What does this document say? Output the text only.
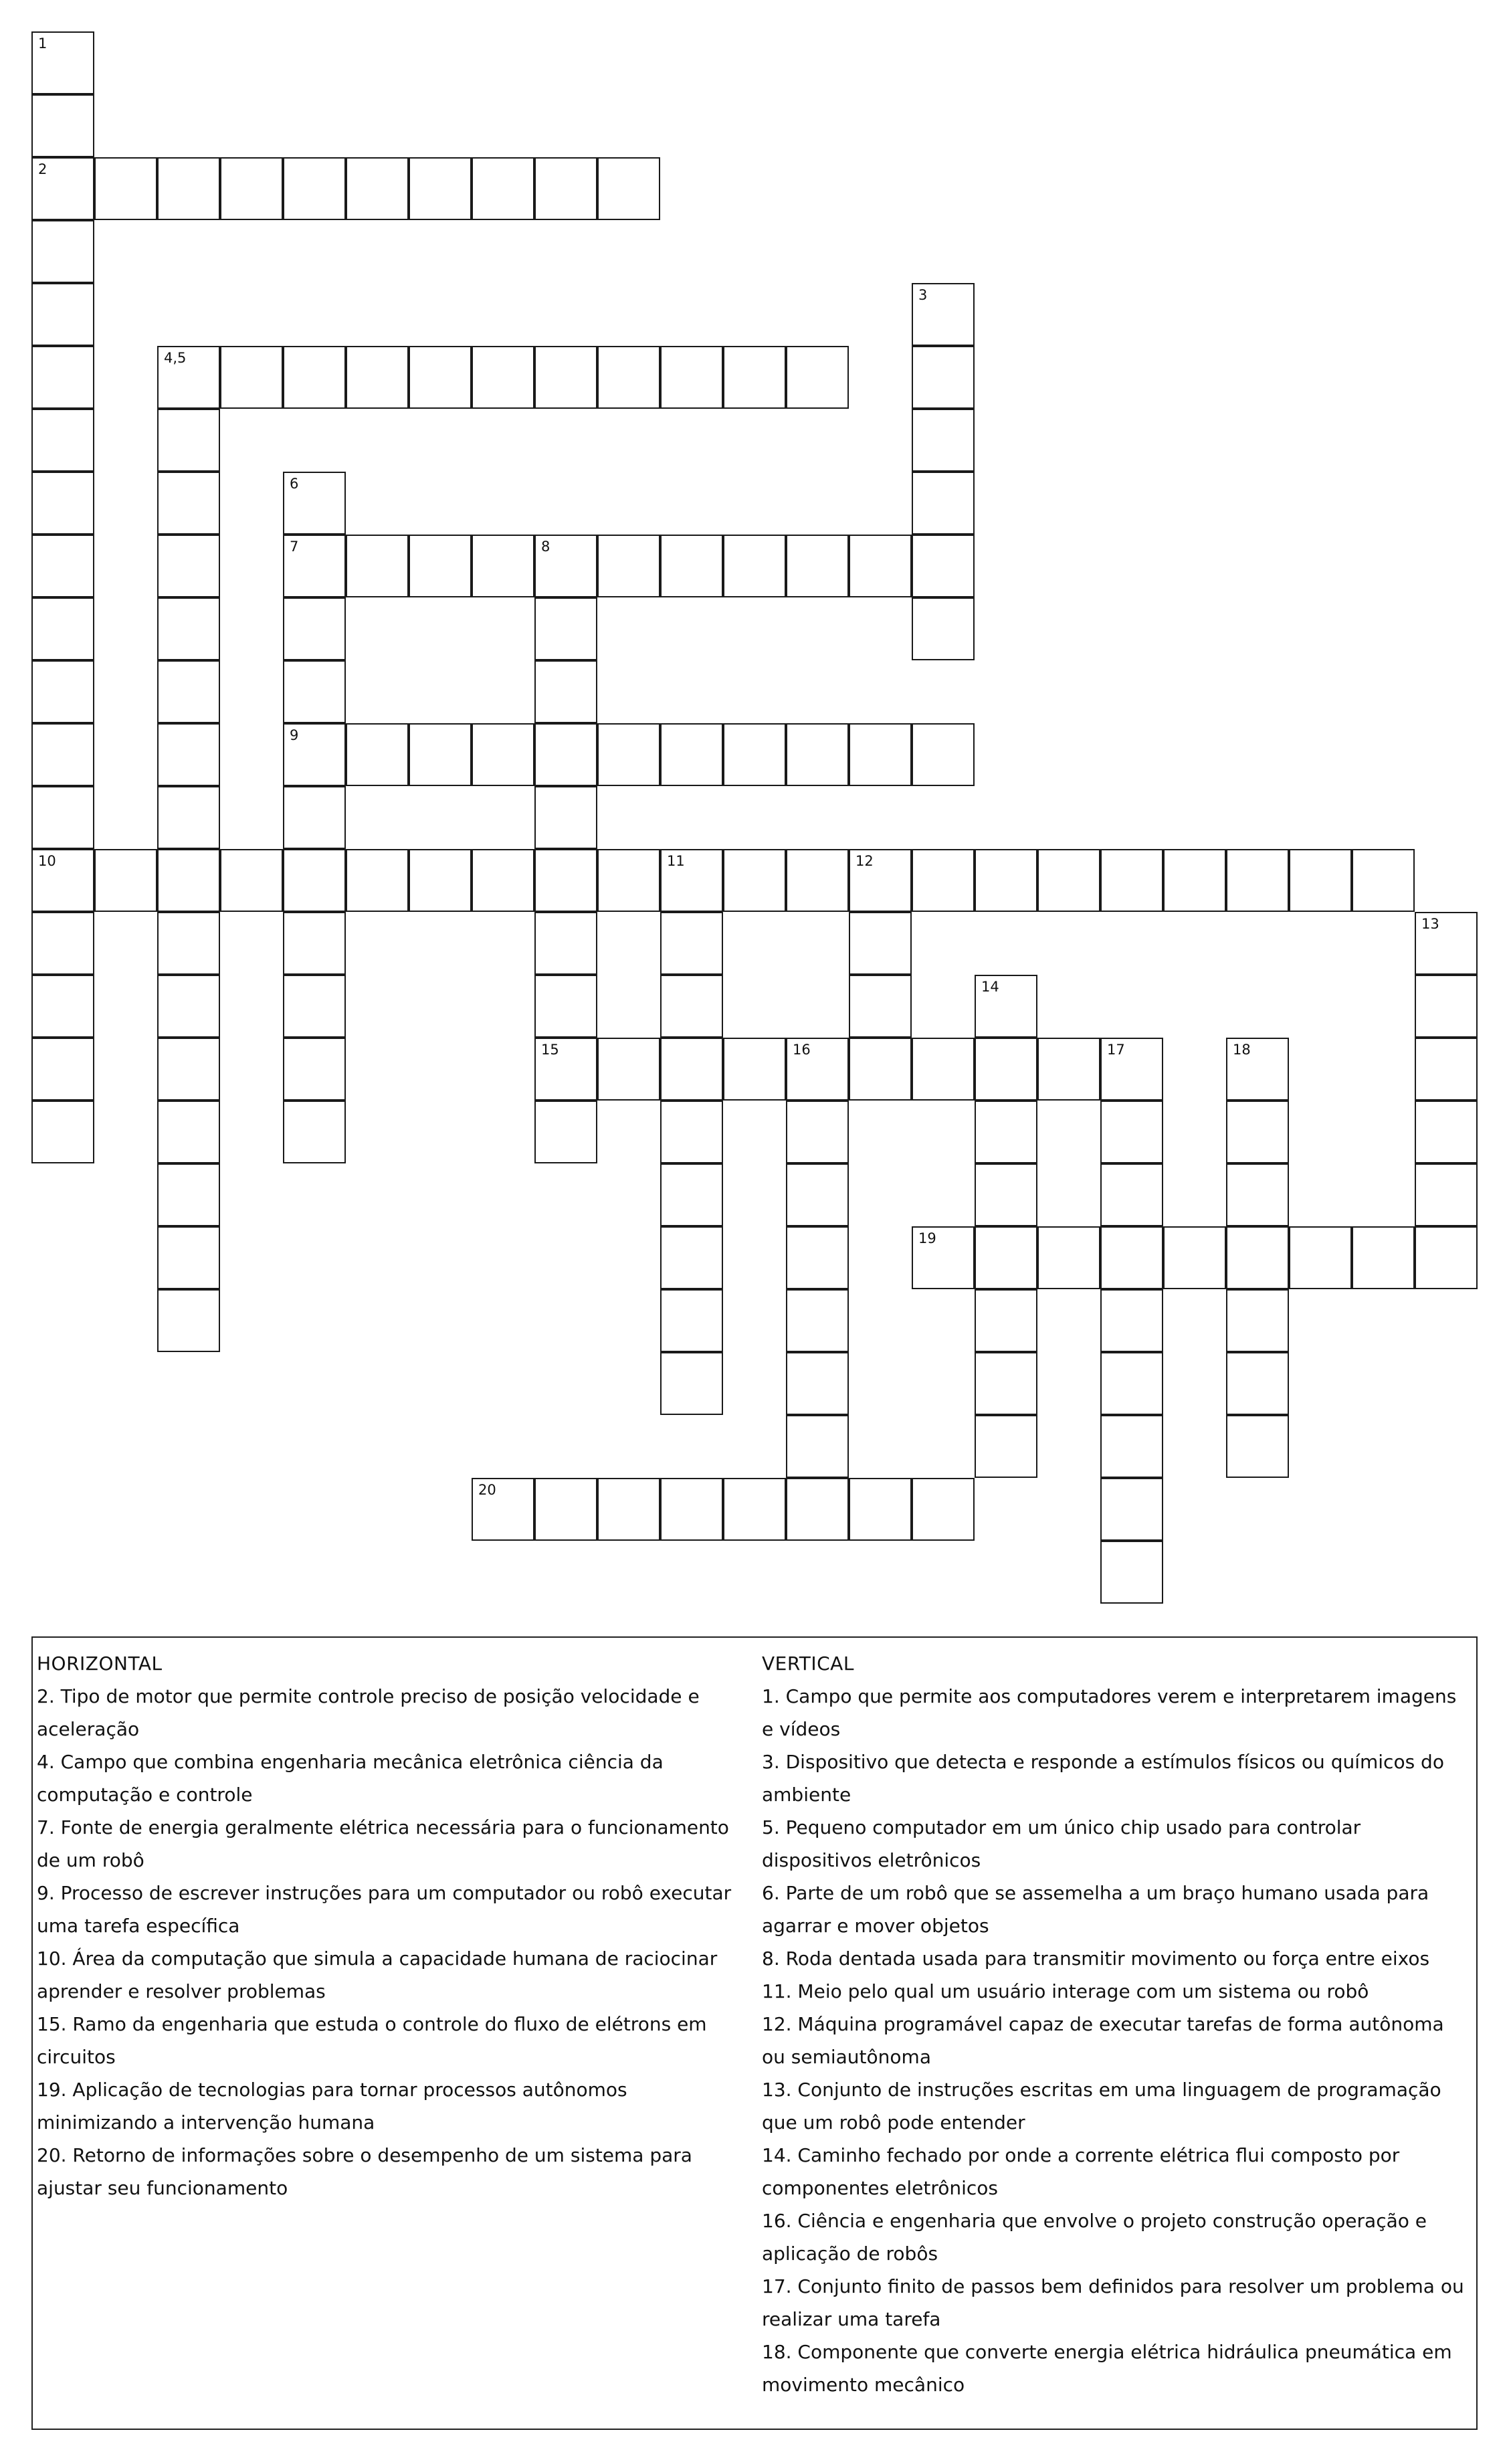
1
2
10
3
4,5
6
7
9
8
15
11	12
13
14
16	17	18
19
20
HORIZONTAL

2. Tipo de motor que permite controle preciso de posição velocidade e aceleração

4. Campo que combina engenharia mecânica eletrônica ciência da computação e controle

7. Fonte de energia geralmente elétrica necessária para o funcionamento de um robô

9. Processo de escrever instruções para um computador ou robô executar uma tarefa específica

10. Área da computação que simula a capacidade humana de raciocinar aprender e resolver problemas

15. Ramo da engenharia que estuda o controle do fluxo de elétrons em circuitos

19. Aplicação de tecnologias para tornar processos autônomos minimizando a intervenção humana

20. Retorno de informações sobre o desempenho de um sistema para ajustar seu funcionamento

VERTICAL

1. Campo que permite aos computadores verem e interpretarem imagens e vídeos

3. Dispositivo que detecta e responde a estímulos físicos ou químicos do ambiente

5. Pequeno computador em um único chip usado para controlar dispositivos eletrônicos

6. Parte de um robô que se assemelha a um braço humano usada para agarrar e mover objetos

8. Roda dentada usada para transmitir movimento ou força entre eixos

11. Meio pelo qual um usuário interage com um sistema ou robô

12. Máquina programável capaz de executar tarefas de forma autônoma ou semiautônoma

13. Conjunto de instruções escritas em uma linguagem de programação que um robô pode entender

14. Caminho fechado por onde a corrente elétrica flui composto por componentes eletrônicos

16. Ciência e engenharia que envolve o projeto construção operação e aplicação de robôs

17. Conjunto finito de passos bem definidos para resolver um problema ou realizar uma tarefa

18. Componente que converte energia elétrica hidráulica pneumática em movimento mecânico
